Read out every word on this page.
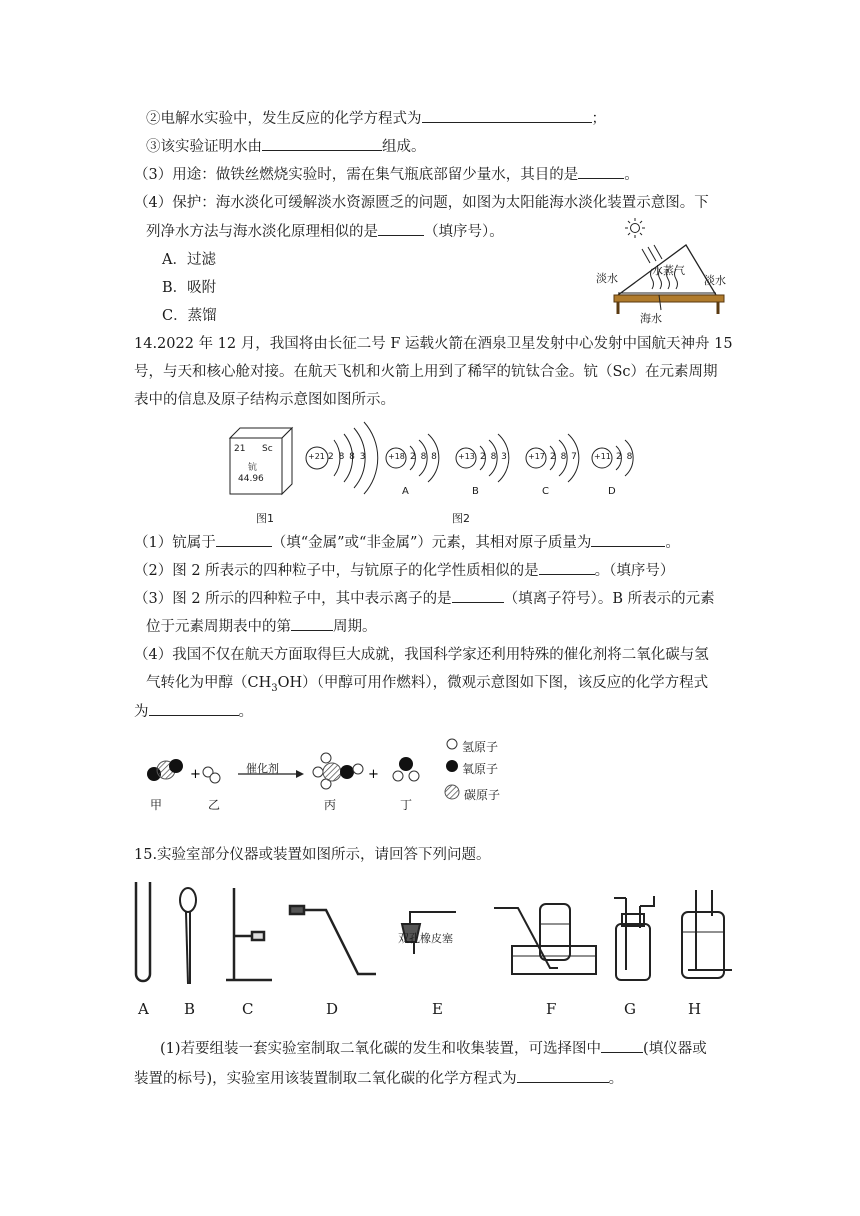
②电解水实验中，发生反应的化学方程式为	；
③该实验证明水由	组成。
（3）用途：做铁丝燃烧实验时，需在集气瓶底部留少量水，其目的是	。
（4）保护：海水淡化可缓解淡水资源匮乏的问题，如图为太阳能海水淡化装置示意图。下
列净水方法与海水淡化原理相似的是	（填序号）。
A．过滤
B．吸附
C．蒸馏
淡水
水蒸气
淡水
海水
14.2022 年 12 月，我国将由长征二号 F 运载火箭在酒泉卫星发射中心发射中国航天神舟 15
号，与天和核心舱对接。在航天飞机和火箭上用到了稀罕的钪钛合金。钪（Sc）在元素周期
表中的信息及原子结构示意图如图所示。
21 Sc
钪
44.96
+21 2 8 8 3	+18 2 8 8
A
+13 2 8 3
B
+17 2 8 7
C
+11 2 8
D
图1	图2
（1）钪属于	（填“金属”或“非金属”）元素，其相对原子质量为	。
（2）图 2 所表示的四种粒子中，与钪原子的化学性质相似的是	。（填序号）
（3）图 2 所示的四种粒子中，其中表示离子的是	（填离子符号）。B 所表示的元素
位于元素周期表中的第	周期。
（4）我国不仅在航天方面取得巨大成就，我国科学家还利用特殊的催化剂将二氧化碳与氢
气转化为甲醇$(CH_3OH)$（甲醇可用作燃料），微观示意图如下图，该反应的化学方程式
为	。
+	+
催化剂
甲	乙	丙	丁
氢原子
氧原子
碳原子
15.实验室部分仪器或装置如图所示，请回答下列问题。
A B	C	D	E	F	G	H
双孔橡皮塞
(1)若要组装一套实验室制取二氧化碳的发生和收集装置，可选择图中	(填仪器或
装置的标号)，实验室用该装置制取二氧化碳的化学方程式为	。
